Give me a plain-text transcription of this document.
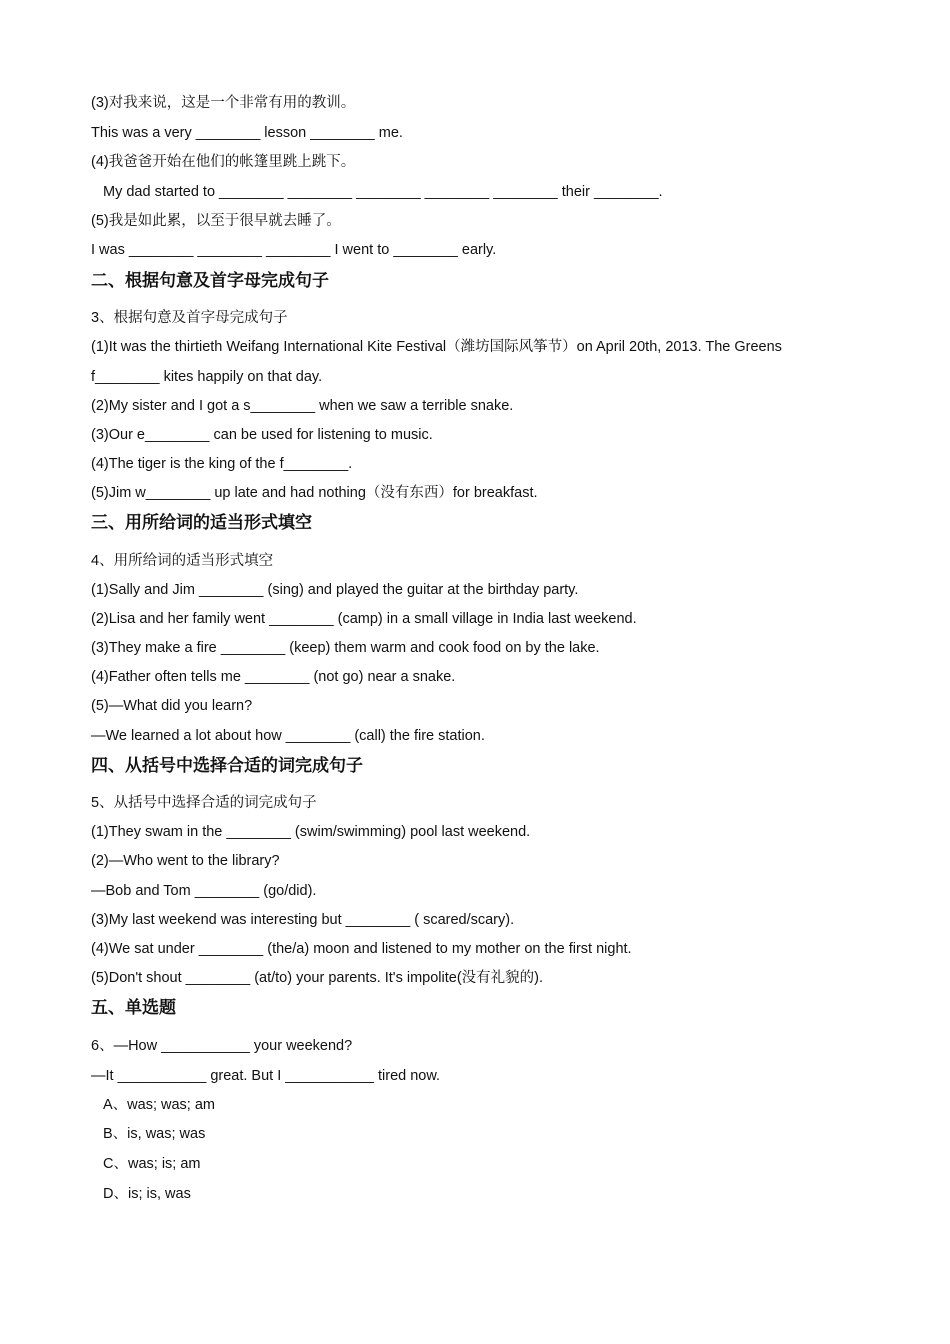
(3)对我来说，这是一个非常有用的教训。
This was a very ________ lesson ________ me.
(4)我爸爸开始在他们的帐篷里跳上跳下。
My dad started to ________ ________ ________ ________ ________ their ________.
(5)我是如此累，以至于很早就去睡了。
I was ________ ________ ________ I went to ________ early.
二、根据句意及首字母完成句子
3、根据句意及首字母完成句子
(1)It was the thirtieth Weifang International Kite Festival（潍坊国际风筝节）on April 20th, 2013. The Greens
f________ kites happily on that day.
(2)My sister and I got a s________ when we saw a terrible snake.
(3)Our e________ can be used for listening to music.
(4)The tiger is the king of the f________.
(5)Jim w________ up late and had nothing（没有东西）for breakfast.
三、用所给词的适当形式填空
4、用所给词的适当形式填空
(1)Sally and Jim ________ (sing) and played the guitar at the birthday party.
(2)Lisa and her family went ________ (camp) in a small village in India last weekend.
(3)They make a fire ________ (keep) them warm and cook food on by the lake.
(4)Father often tells me ________ (not go) near a snake.
(5)—What did you learn?
—We learned a lot about how ________ (call) the fire station.
四、从括号中选择合适的词完成句子
5、从括号中选择合适的词完成句子
(1)They swam in the ________ (swim/swimming) pool last weekend.
(2)—Who went to the library?
—Bob and Tom ________ (go/did).
(3)My last weekend was interesting but ________ ( scared/scary).
(4)We sat under ________ (the/a) moon and listened to my mother on the first night.
(5)Don't shout ________ (at/to) your parents. It's impolite(没有礼貌的).
五、单选题
6、—How ___________ your weekend?
—It ___________ great. But I ___________ tired now.
A、was; was; am
B、is, was; was
C、was; is; am
D、is; is, was
